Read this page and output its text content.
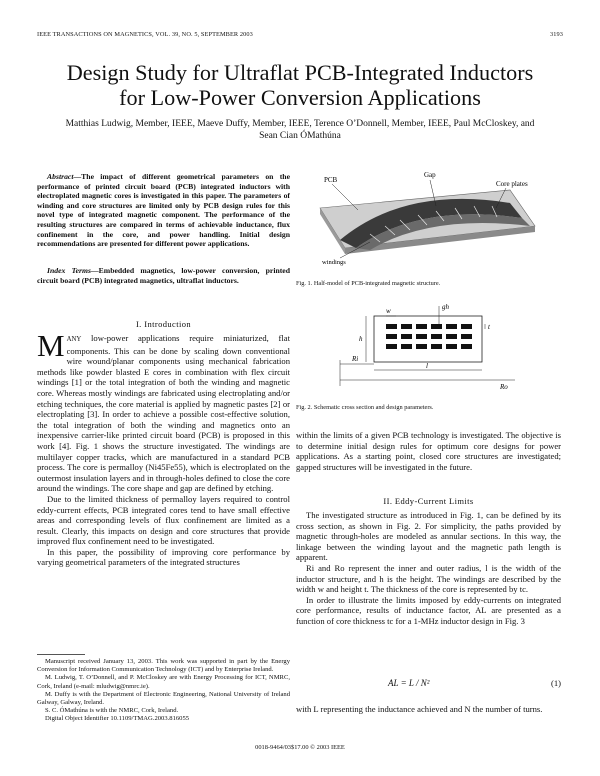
IEEE TRANSACTIONS ON MAGNETICS, VOL. 39, NO. 5, SEPTEMBER 2003	3193
Design Study for Ultraflat PCB-Integrated Inductors
for Low-Power Conversion Applications
Matthias Ludwig, Member, IEEE, Maeve Duffy, Member, IEEE, Terence O’Donnell, Member, IEEE, Paul McCloskey, and
Sean Cian ÓMathúna

Abstract—The impact of different geometrical parameters on the performance of printed circuit board (PCB) integrated inductors with electroplated magnetic cores is investigated in this paper. The parameters of winding and core structures are limited only by PCB design rules for this novel type of integrated magnetic component. The performance of the resulting structures are compared in terms of achievable inductance, flux confinement in the core, and power handling. Initial design recommendations are presented for different power applications.

Index Terms—Embedded magnetics, low-power conversion, printed circuit board (PCB) integrated magnetics, ultraflat inductors.

I. Introduction
MANY low-power applications require miniaturized, flat components. This can be done by scaling down conventional wire wound/planar components using mechanical fabrication methods like powder blasted E cores in combination with flex circuit windings [1] or the total integration of both the winding and magnetic core. Whereas mostly windings are fabricated using electroplating and/or etching techniques, the core material is applied by magnetic pastes [2] or electroplating [3]. In order to achieve a possible cost-effective solution, the total integration of both the winding and magnetics onto an inexpensive carrier-like printed circuit board (PCB) is proposed in this work [4]. Fig. 1 shows the structure investigated. The windings are multilayer copper tracks, which are manufactured in a standard PCB process. The core is permalloy (Ni45Fe55), which is electroplated on the outermost insulation layers and in through-holes defined to close the core around the windings. The core shape and gap are defined by etching.

Due to the limited thickness of permalloy layers required to control eddy-current effects, PCB integrated cores tend to have small effective areas and corresponding levels of flux confinement are limited as a result. Clearly, this impacts on design and core structures that provide improved flux confinement need to be investigated.

In this paper, the possibility of improving core performance by varying geometrical parameters of the integrated structures

Manuscript received January 13, 2003. This work was supported in part by the Energy Conversion for Information Communication Technology (ICT) and by Enterprise Ireland.

M. Ludwig, T. O’Donnell, and P. McCloskey are with Energy Processing for ICT, NMRC, Cork, Ireland (e-mail: mludwig@nmrc.ie).

M. Duffy is with the Department of Electronic Engineering, National University of Ireland Galway, Galway, Ireland.

S. C. ÓMathúna is with the NMRC, Cork, Ireland.

Digital Object Identifier 10.1109/TMAG.2003.816055

PCB
Gap
Core plates
windings
Fig. 1. Half-model of PCB-integrated magnetic structure.
w	gh
h
t
Ri
l
Ro
Fig. 2. Schematic cross section and design parameters.
within the limits of a given PCB technology is investigated. The objective is to determine initial design rules for optimum core designs for power applications. As a starting point, closed core structures are investigated; gapped structures will be investigated in the future.
II. Eddy-Current Limits

The investigated structure as introduced in Fig. 1, can be defined by its cross section, as shown in Fig. 2. For simplicity, the paths provided by magnetic through-holes are modeled as annular sections. In this way, the linkage between the winding layout and the magnetic path length is apparent.

Ri and Ro represent the inner and outer radius, l is the width of the inductor structure, and h is the height. The windings are described by the width w and height t. The thickness of the core is represented by tc.

In order to illustrate the limits imposed by eddy-currents on integrated core performance, results of inductance factor, AL are presented as a function of core thickness tc for a 1-MHz inductor design in Fig. 3

AL = L / N²	(1)
with L representing the inductance achieved and N the number of turns.
0018-9464/03$17.00 © 2003 IEEE
